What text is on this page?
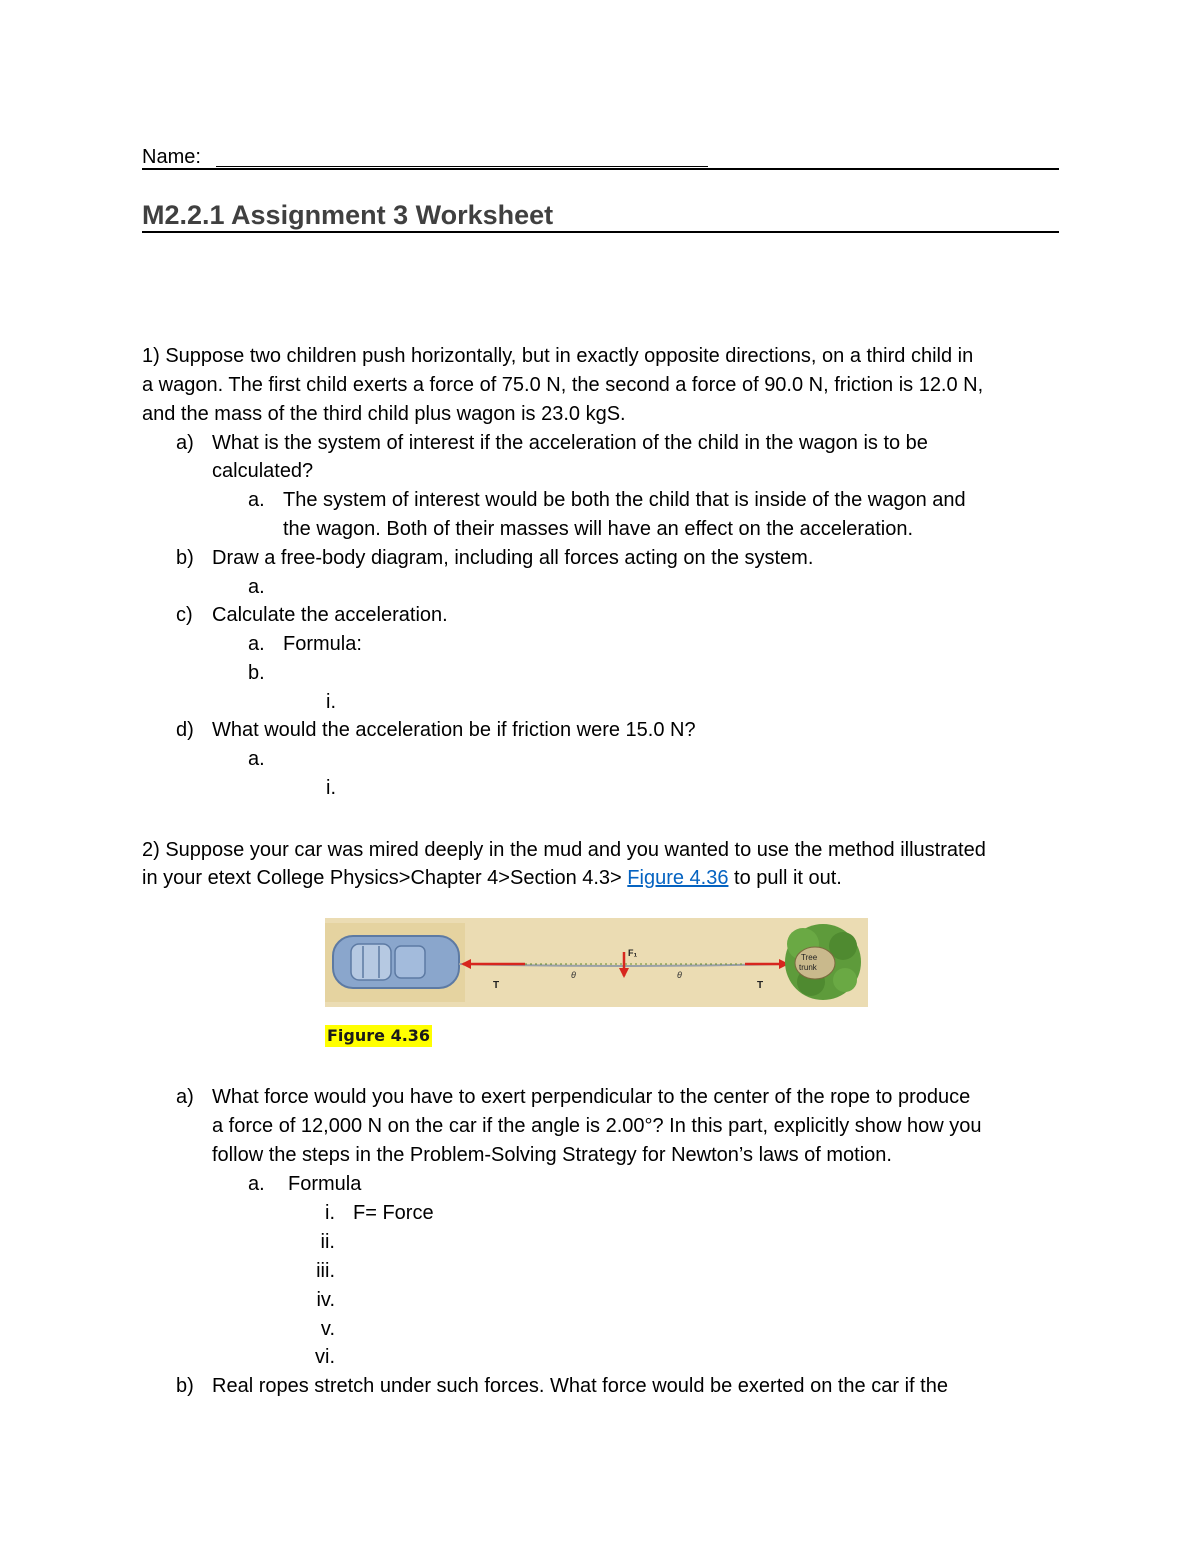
Name:
M2.2.1 Assignment 3 Worksheet
1) Suppose two children push horizontally, but in exactly opposite directions, on a third child in
a wagon. The first child exerts a force of 75.0 N, the second a force of 90.0 N, friction is 12.0 N,
and the mass of the third child plus wagon is 23.0 kgS.
a) What is the system of interest if the acceleration of the child in the wagon is to be
calculated?
a. The system of interest would be both the child that is inside of the wagon and
the wagon. Both of their masses will have an effect on the acceleration.
b) Draw a free-body diagram, including all forces acting on the system.
a.
c) Calculate the acceleration.
a. Formula:
b.
i.
d) What would the acceleration be if friction were 15.0 N?
a.
i.
2) Suppose your car was mired deeply in the mud and you wanted to use the method illustrated
in your etext College Physics>Chapter 4>Section 4.3> Figure 4.36 to pull it out.
T	T
F₁
θ	θ
Tree
trunk
Figure 4.36
a) What force would you have to exert perpendicular to the center of the rope to produce
a force of 12,000 N on the car if the angle is 2.00°? In this part, explicitly show how you
follow the steps in the Problem-Solving Strategy for Newton’s laws of motion.
a. Formula
i. F= Force
ii.
iii.
iv.
v.
vi.
b) Real ropes stretch under such forces. What force would be exerted on the car if the
